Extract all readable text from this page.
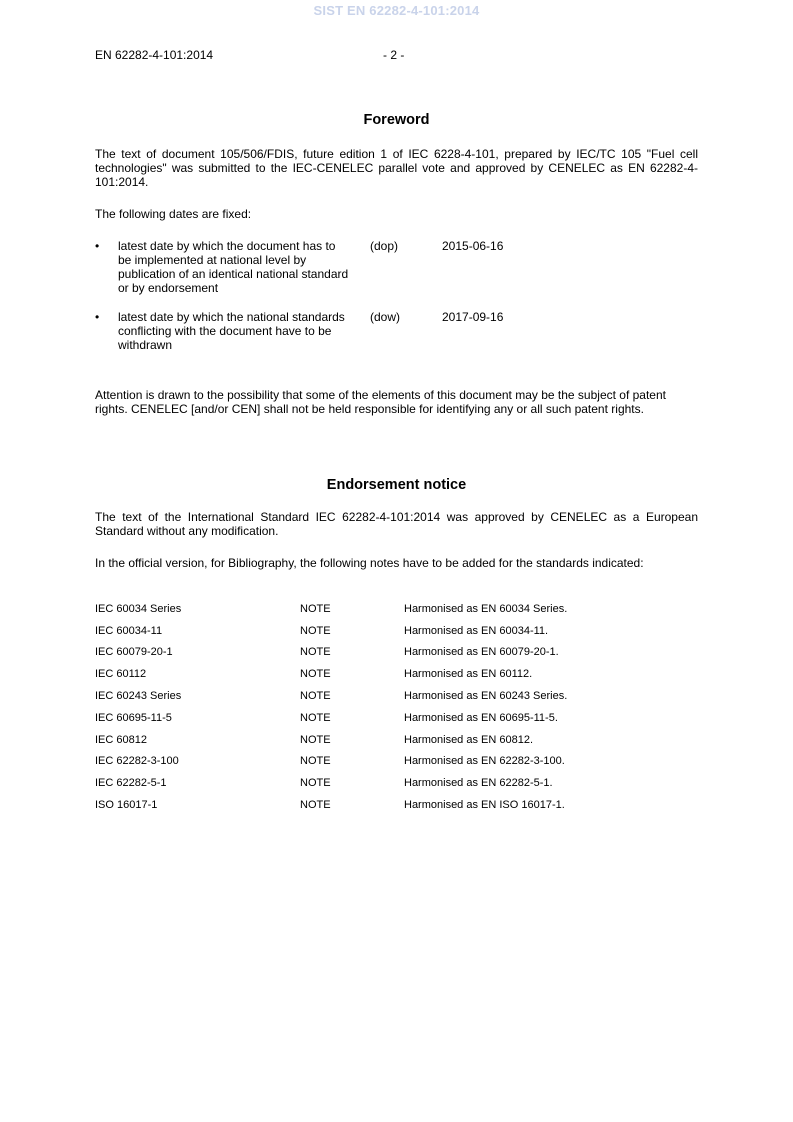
SIST EN 62282-4-101:2014
EN 62282-4-101:2014	- 2 -
Foreword
The text of document 105/506/FDIS, future edition 1 of IEC 6228-4-101, prepared by IEC/TC 105 "Fuel cell technologies" was submitted to the IEC-CENELEC parallel vote and approved by CENELEC as EN 62282-4-101:2014.
The following dates are fixed:
•	latest date by which the document has to be implemented at national level by publication of an identical national standard or by endorsement
(dop)	2015-06-16
•	latest date by which the national standards conflicting with the document have to be withdrawn
(dow)	2017-09-16
Attention is drawn to the possibility that some of the elements of this document may be the subject of patent rights. CENELEC [and/or CEN] shall not be held responsible for identifying any or all such patent rights.
Endorsement notice
The text of the International Standard IEC 62282-4-101:2014 was approved by CENELEC as a European Standard without any modification.
In the official version, for Bibliography, the following notes have to be added for the standards indicated:
IEC 60034 Series	NOTE	Harmonised as EN 60034 Series.
IEC 60034-11	NOTE	Harmonised as EN 60034-11.
IEC 60079-20-1	NOTE	Harmonised as EN 60079-20-1.
IEC 60112	NOTE	Harmonised as EN 60112.
IEC 60243 Series	NOTE	Harmonised as EN 60243 Series.
IEC 60695-11-5	NOTE	Harmonised as EN 60695-11-5.
IEC 60812	NOTE	Harmonised as EN 60812.
IEC 62282-3-100	NOTE	Harmonised as EN 62282-3-100.
IEC 62282-5-1	NOTE	Harmonised as EN 62282-5-1.
ISO 16017-1	NOTE	Harmonised as EN ISO 16017-1.
